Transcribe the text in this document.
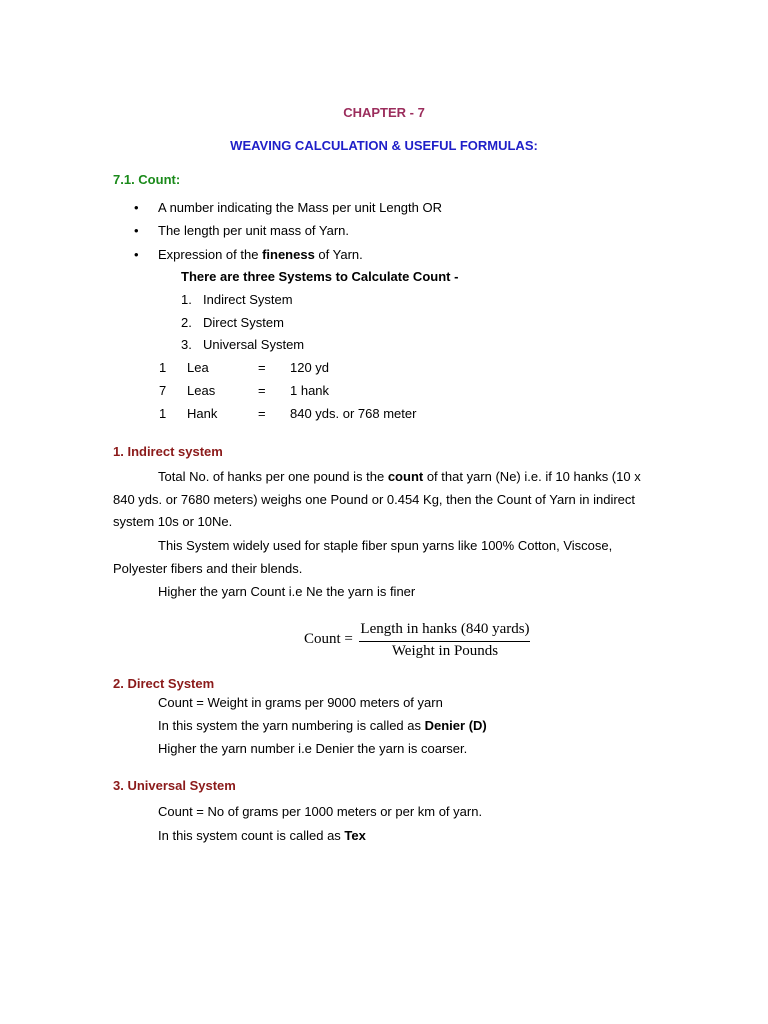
CHAPTER - 7
WEAVING CALCULATION & USEFUL FORMULAS:
7.1. Count:
• A number indicating the Mass per unit Length OR
• The length per unit mass of Yarn.
• Expression of the fineness of Yarn.
There are three Systems to Calculate Count -
1. Indirect System
2. Direct System
3. Universal System
1 Lea	= 120 yd
7 Leas	= 1 hank
1 Hank	= 840 yds. or 768 meter
1. Indirect system
Total No. of hanks per one pound is the count of that yarn (Ne) i.e. if 10 hanks (10 x 840 yds. or 7680 meters) weighs one Pound or 0.454 Kg, then the Count of Yarn in indirect system 10s or 10Ne.
This System widely used for staple fiber spun yarns like 100% Cotton, Viscose, Polyester fibers and their blends.
Higher the yarn Count i.e Ne the yarn is finer
Count =
Length in hanks (840 yards)
Weight in Pounds
2. Direct System
Count = Weight in grams per 9000 meters of yarn
In this system the yarn numbering is called as Denier (D)
Higher the yarn number i.e Denier the yarn is coarser.
3. Universal System
Count = No of grams per 1000 meters or per km of yarn.
In this system count is called as Tex
